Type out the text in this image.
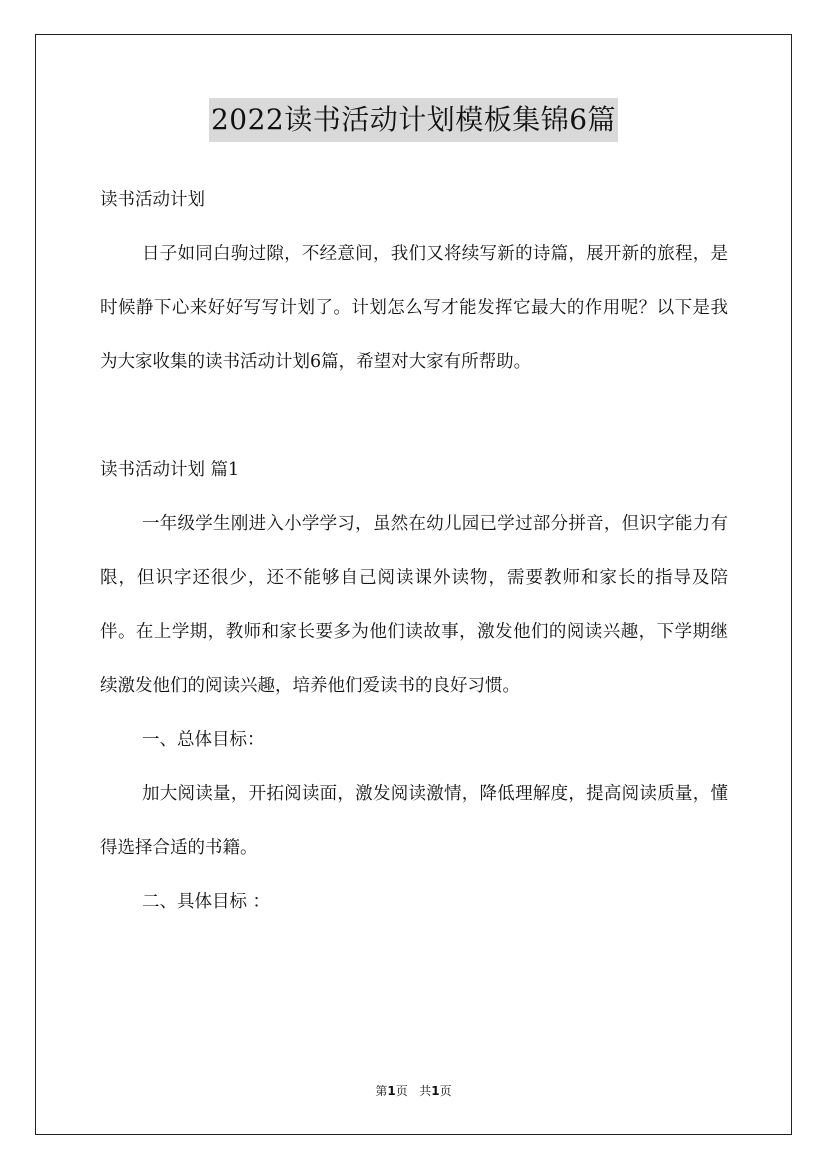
2022读书活动计划模板集锦6篇

读书活动计划

日子如同白驹过隙，不经意间，我们又将续写新的诗篇，展开新的旅程，是时候静下心来好好写写计划了。计划怎么写才能发挥它最大的作用呢？以下是我为大家收集的读书活动计划6篇，希望对大家有所帮助。

读书活动计划 篇1

一年级学生刚进入小学学习，虽然在幼儿园已学过部分拼音，但识字能力有限，但识字还很少，还不能够自己阅读课外读物，需要教师和家长的指导及陪伴。在上学期，教师和家长要多为他们读故事，激发他们的阅读兴趣，下学期继续激发他们的阅读兴趣，培养他们爱读书的良好习惯。

一、总体目标：

加大阅读量，开拓阅读面，激发阅读激情，降低理解度，提高阅读质量，懂得选择合适的书籍。

二、具体目标 ：

第1页 共1页
